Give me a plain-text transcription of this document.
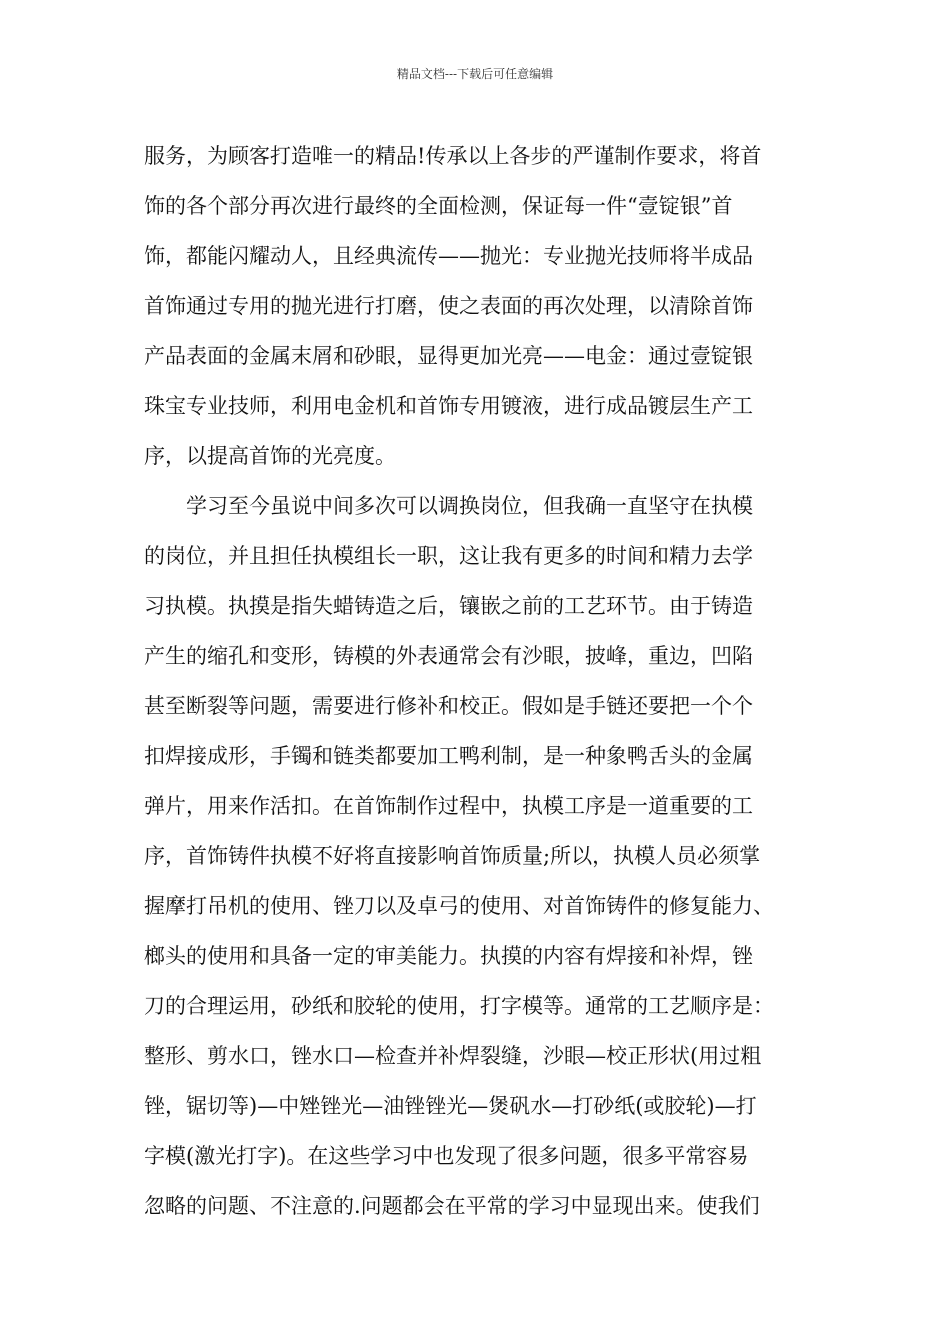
精品文档---下载后可任意编辑
服务，为顾客打造唯一的精品!传承以上各步的严谨制作要求，将首
饰的各个部分再次进行最终的全面检测，保证每一件“壹锭银”首
饰，都能闪耀动人，且经典流传——抛光：专业抛光技师将半成品
首饰通过专用的抛光进行打磨，使之表面的再次处理，以清除首饰
产品表面的金属末屑和砂眼，显得更加光亮——电金：通过壹锭银
珠宝专业技师，利用电金机和首饰专用镀液，进行成品镀层生产工
序，以提高首饰的光亮度。
学习至今虽说中间多次可以调换岗位，但我确一直坚守在执模
的岗位，并且担任执模组长一职，这让我有更多的时间和精力去学
习执模。执摸是指失蜡铸造之后，镶嵌之前的工艺环节。由于铸造
产生的缩孔和变形，铸模的外表通常会有沙眼，披峰，重边，凹陷
甚至断裂等问题，需要进行修补和校正。假如是手链还要把一个个
扣焊接成形，手镯和链类都要加工鸭利制，是一种象鸭舌头的金属
弹片，用来作活扣。在首饰制作过程中，执模工序是一道重要的工
序，首饰铸件执模不好将直接影响首饰质量;所以，执模人员必须掌
握摩打吊机的使用、锉刀以及卓弓的使用、对首饰铸件的修复能力、
榔头的使用和具备一定的审美能力。执摸的内容有焊接和补焊，锉
刀的合理运用，砂纸和胶轮的使用，打字模等。通常的工艺顺序是：
整形、剪水口，锉水口—检查并补焊裂缝，沙眼—校正形状(用过粗
锉，锯切等)—中矬锉光—油锉锉光—煲矾水—打砂纸(或胶轮)—打
字模(激光打字)。在这些学习中也发现了很多问题，很多平常容易
忽略的问题、不注意的.问题都会在平常的学习中显现出来。使我们
